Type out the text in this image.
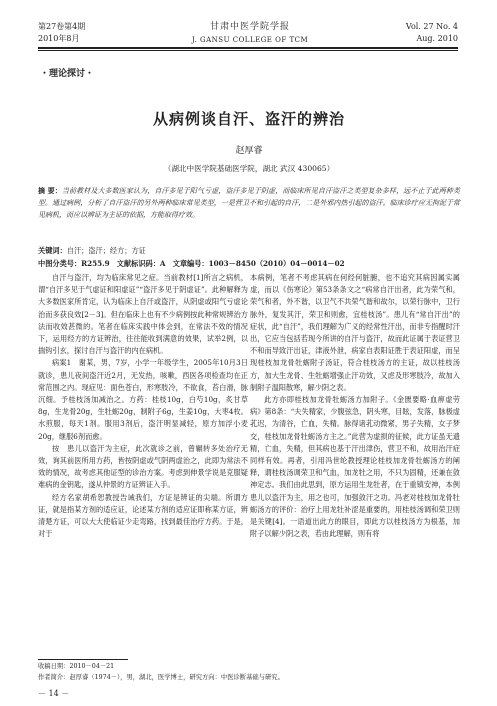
第27卷第4期
2010年8月
甘肃中医学院学报
J. GANSU COLLEGE OF TCM
Vol. 27 No. 4
Aug. 2010
・理论探讨・
从病例谈自汗、盗汗的辨治
赵厚睿
（湖北中医学院基础医学院，湖北 武汉 430065）
摘 要：当前教材及大多数医家认为，自汗多见于阳气亏虚，盗汗多见于阴虚，而临床所见自汗盗汗之类型复杂多样，远不止于此两种类型。通过病例，分析了自汗盗汗的另外两种临床常见类型，一是营卫不和引起的自汗，二是外邪内热引起的盗汗。临床诊疗应无拘泥于常见病机，而应以辨证为主证的依据，方能取得疗效。
关键词：自汗；盗汗；经方；方证
中图分类号：R255.9　文献标识码：A　文章编号：1003－8450（2010）04－0014－02

自汗与盗汗，均为临床常见之症。当前教材[1]所言之病机，谓“自汗多见于气虚证和阳虚证”“盗汗多见于阴虚证”。此种解释为大多数医家所肯定，认为临床上自汗或盗汗，从阴虚或阳气亏虚论治而多获良效[2－3]。但在临床上也有不少病例按此种常规辨治方法而收效甚微的。笔者在临床实践中体会到，在常法不效的情况下，运用经方的方证辨治，往往能收到满意的效果，试举2例，以揣钩引玄，探讨自汗与盗汗的内在病机。

病案1　谢某，男，7岁，小学一年级学生，2005年10月3日就诊，患儿夜间盗汗近2月，无发热，咳嗽，西医各项检查均在正常范围之内。现症见：面色苍白，形寒肢冷，不欲食，苔白滑，脉沉细。予桂枝汤加减治之。方药：桂枝10g，白芍10g，炙甘草8g，生龙骨20g，生牡蛎20g，制附子6g，生姜10g，大枣4枚。水煎服，每天1剂。服用3剂后，盗汗明显减轻，原方加浮小麦20g，继服6剂而愈。

按　患儿以盗汗为主症，此次就诊之前，曾辗转多处治疗无效，询其前医所用方药，皆按阴虚或气阴两虚治之，此即为常法不效的情况，故考虑其他证型的诊治方案。考虑到伸景学说是克服疑难病的金钥匙，遂从仲景的方证辨证入手。

经方名家胡希恕教授告诫我们，方证是辨证的尖端。所谓方证，就是指某方剂的适应证，论述某方剂的适应证即称某方证，辨清楚方证，可以大大使临证少走弯路，找到最佳治疗方药。于是，对于

本病例，笔者不考虑其病在何经何脏腑，也不追究其病因属实属虚，而以《伤寒论》第53条条文之“病常自汗出者，此为荣气和，荣气和者，外不谐，以卫气不共荣气谐和故尔，以荣行脉中，卫行脉外，复发其汗，荣卫和则愈，宜桂枝汤”。患儿有“常自汗出”的症状，此“自汗”，我们理解为广义的经常性汗出，而非专指醒时汗出，它应当包括若现今所讲的自汗与盗汗，故而此证属于表证营卫不和而导致汗出证，津液外泄，病家自表阳证胜于表证阳虚，而呈现桂枝加龙骨牡蛎附子汤证，符合桂枝汤方的主证，故以桂枝汤方，加大生龙骨、生牡蛎增强止汗功效，又虑及形寒肢冷，故加入制附子温阳散寒，解少阴之表。

此方亦即桂枝加龙骨牡蛎汤方加附子。《金匮要略·血痹虚劳病》第8条：“夫失精家，少腹弦急，阴头寒，目眩，发落，脉极虚芤迟，为清谷，亡血，失精。脉得诸芤动微紧，男子失精，女子梦交，桂枝加龙骨牡蛎汤方主之。”此营为虚损的征候，此方证虽无遗精，亡血，失精，但其病也基于汗出津伤，营卫不和，故用治汗症同样有效。再者，引用冯世纶教授理论桂枝加龙骨牡蛎汤方的阐释，谓桂枝汤调荣卫和气血，加龙牡之用，不只为固精，还兼在敛神定志。我们由此思到，原方运用生龙牡者，在于重镇安神，本例患儿以盗汗为主，用之也可，加强敛汗之功。冯老对桂枝加龙骨牡蛎汤方的评价：治疗上用龙牡补涩是重要的，用桂枝汤调和荣卫则是关键[4]。一语道出此方的眼目，即此方以桂枝汤方为根基，加附子以解少阴之表，若由此理解，则有将

收稿日期：2010－04－21
作者简介：赵厚睿（1974－），男，湖北，医学博士，研究方向：中医诊断基础与研究。
－ 14 －
